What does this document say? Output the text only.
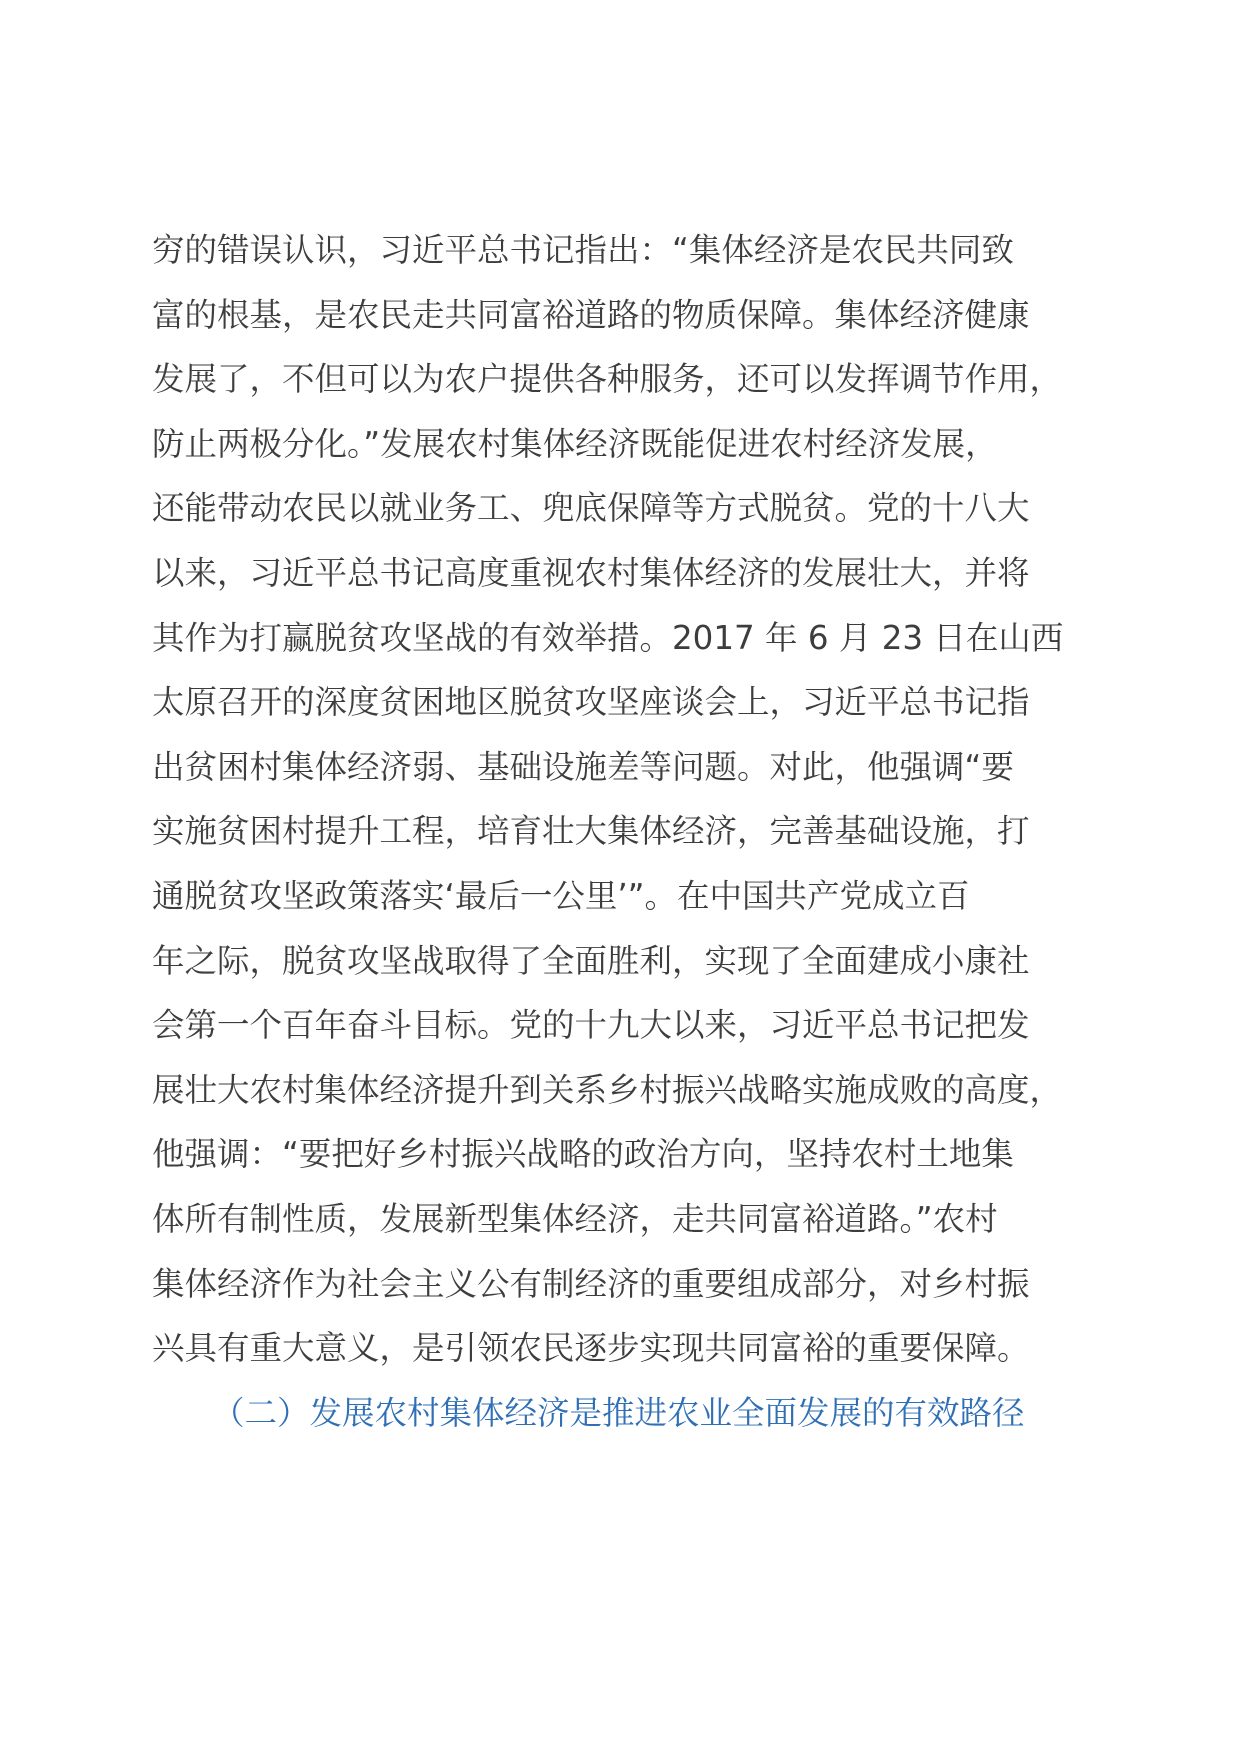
穷的错误认识，习近平总书记指出：“集体经济是农民共同致
富的根基，是农民走共同富裕道路的物质保障。集体经济健康
发展了，不但可以为农户提供各种服务，还可以发挥调节作用，
防止两极分化。”发展农村集体经济既能促进农村经济发展，
还能带动农民以就业务工、兜底保障等方式脱贫。党的十八大
以来，习近平总书记高度重视农村集体经济的发展壮大，并将
其作为打赢脱贫攻坚战的有效举措。2017 年 6 月 23 日在山西
太原召开的深度贫困地区脱贫攻坚座谈会上，习近平总书记指
出贫困村集体经济弱、基础设施差等问题。对此，他强调“要
实施贫困村提升工程，培育壮大集体经济，完善基础设施，打
通脱贫攻坚政策落实‘最后一公里’”。在中国共产党成立百
年之际，脱贫攻坚战取得了全面胜利，实现了全面建成小康社
会第一个百年奋斗目标。党的十九大以来，习近平总书记把发
展壮大农村集体经济提升到关系乡村振兴战略实施成败的高度，
他强调：“要把好乡村振兴战略的政治方向，坚持农村土地集
体所有制性质，发展新型集体经济，走共同富裕道路。”农村
集体经济作为社会主义公有制经济的重要组成部分，对乡村振
兴具有重大意义，是引领农民逐步实现共同富裕的重要保障。
（二）发展农村集体经济是推进农业全面发展的有效路径
